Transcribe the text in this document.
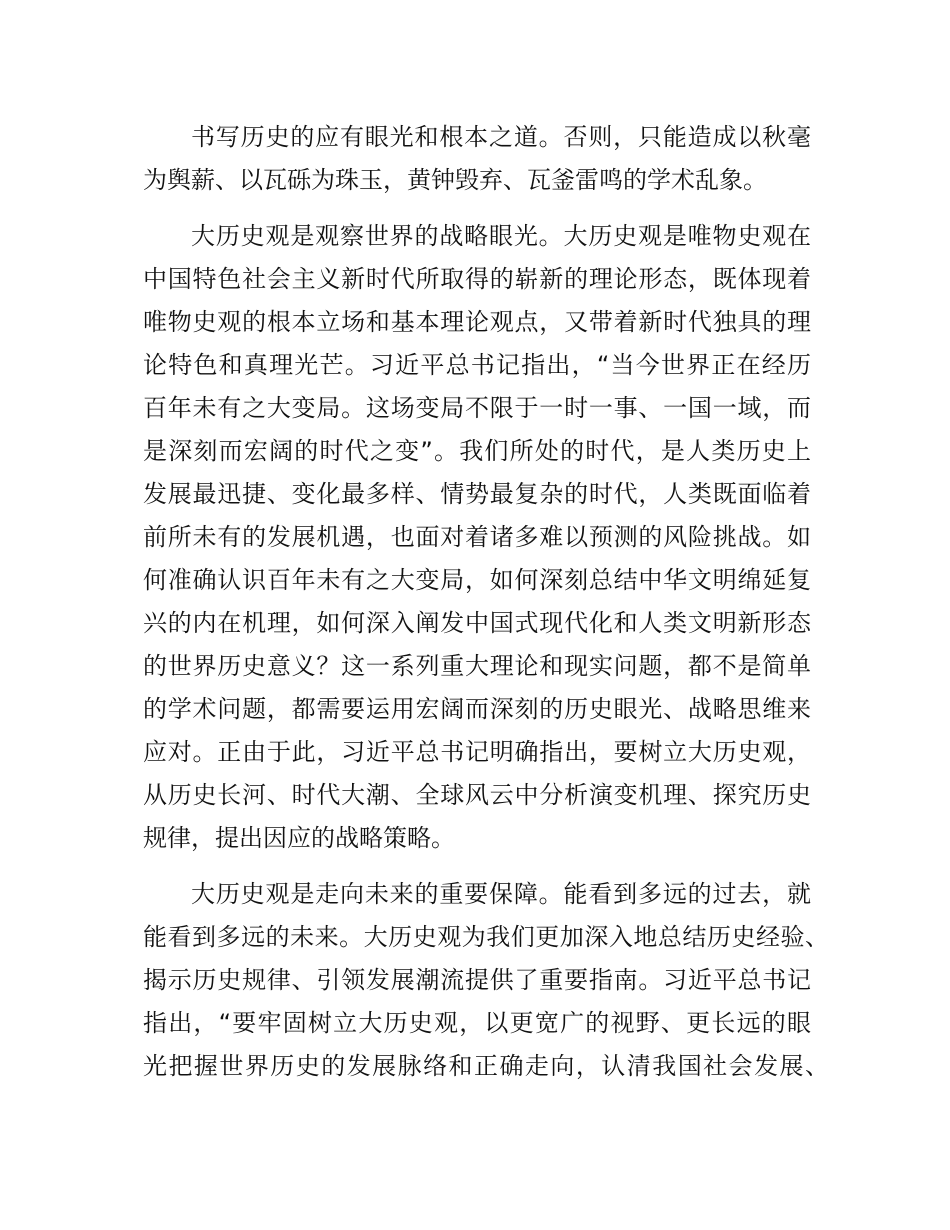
书写历史的应有眼光和根本之道。否则，只能造成以秋毫
为舆薪、以瓦砾为珠玉，黄钟毁弃、瓦釜雷鸣的学术乱象。
大历史观是观察世界的战略眼光。大历史观是唯物史观在
中国特色社会主义新时代所取得的崭新的理论形态，既体现着
唯物史观的根本立场和基本理论观点，又带着新时代独具的理
论特色和真理光芒。习近平总书记指出，“当今世界正在经历
百年未有之大变局。这场变局不限于一时一事、一国一域，而
是深刻而宏阔的时代之变”。我们所处的时代，是人类历史上
发展最迅捷、变化最多样、情势最复杂的时代，人类既面临着
前所未有的发展机遇，也面对着诸多难以预测的风险挑战。如
何准确认识百年未有之大变局，如何深刻总结中华文明绵延复
兴的内在机理，如何深入阐发中国式现代化和人类文明新形态
的世界历史意义？这一系列重大理论和现实问题，都不是简单
的学术问题，都需要运用宏阔而深刻的历史眼光、战略思维来
应对。正由于此，习近平总书记明确指出，要树立大历史观，
从历史长河、时代大潮、全球风云中分析演变机理、探究历史
规律，提出因应的战略策略。
大历史观是走向未来的重要保障。能看到多远的过去，就
能看到多远的未来。大历史观为我们更加深入地总结历史经验、
揭示历史规律、引领发展潮流提供了重要指南。习近平总书记
指出，“要牢固树立大历史观，以更宽广的视野、更长远的眼
光把握世界历史的发展脉络和正确走向，认清我国社会发展、
